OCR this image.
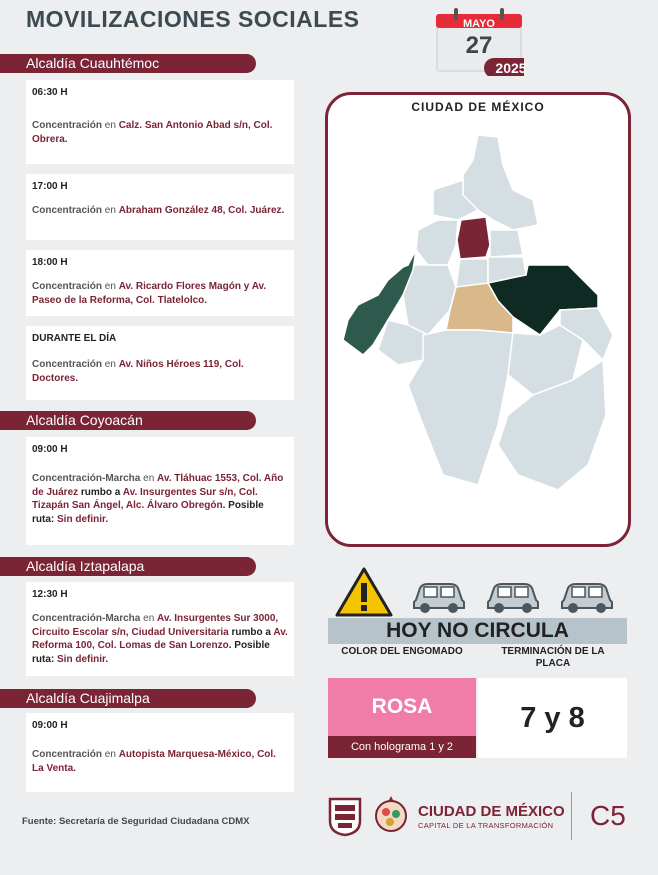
MOVILIZACIONES SOCIALES	MAYO
27
2025
Alcaldía Cuauhtémoc
Alcaldía Coyoacán
Alcaldía Iztapalapa
Alcaldía Cuajimalpa
06:30 H
Concentración en Calz. San Antonio Abad s/n, Col. Obrera.
17:00 H
Concentración en Abraham González 48, Col. Juárez.
18:00 H
Concentración en Av. Ricardo Flores Magón y Av. Paseo de la Reforma, Col. Tlatelolco.
DURANTE EL DÍA
Concentración en Av. Niños Héroes 119, Col. Doctores.
09:00 H
Concentración-Marcha en Av. Tláhuac 1553, Col. Año de Juárez rumbo a Av. Insurgentes Sur s/n, Col. Tizapán San Ángel, Alc. Álvaro Obregón. Posible ruta: Sin definir.
12:30 H
Concentración-Marcha en Av. Insurgentes Sur 3000, Circuito Escolar s/n, Ciudad Universitaria rumbo a Av. Reforma 100, Col. Lomas de San Lorenzo. Posible ruta: Sin definir.
09:00 H
Concentración en Autopista Marquesa-México, Col. La Venta.
CIUDAD DE MÉXICO
HOY NO CIRCULA
COLOR DEL ENGOMADO	TERMINACIÓN DE LA PLACA
ROSA
Con holograma 1 y 2
7 y 8
Fuente: Secretaría de Seguridad Ciudadana CDMX
CIUDAD DE MÉXICO
CAPITAL DE LA TRANSFORMACIÓN C5
